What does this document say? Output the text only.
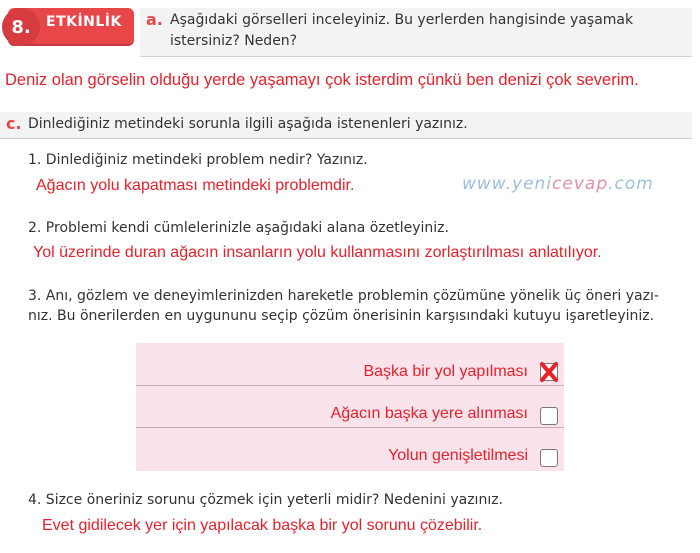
8.	ETKİNLİK a. Aşağıdaki görselleri inceleyiniz. Bu yerlerden hangisinde yaşamak
istersiniz? Neden?
Deniz olan görselin olduğu yerde yaşamayı çok isterdim çünkü ben denizi çok severim.
c. Dinlediğiniz metindeki sorunla ilgili aşağıda istenenleri yazınız.
1. Dinlediğiniz metindeki problem nedir? Yazınız.
Ağacın yolu kapatması metindeki problemdir.	www.yenicevap.com
2. Problemi kendi cümlelerinizle aşağıdaki alana özetleyiniz.
Yol üzerinde duran ağacın insanların yolu kullanmasını zorlaştırılması anlatılıyor.
3. Anı, gözlem ve deneyimlerinizden hareketle problemin çözümüne yönelik üç öneri yazı-
nız. Bu önerilerden en uygununu seçip çözüm önerisinin karşısındaki kutuyu işaretleyiniz.
Başka bir yol yapılması
Ağacın başka yere alınması
Yolun genişletilmesi
4. Sizce öneriniz sorunu çözmek için yeterli midir? Nedenini yazınız.
Evet gidilecek yer için yapılacak başka bir yol sorunu çözebilir.
